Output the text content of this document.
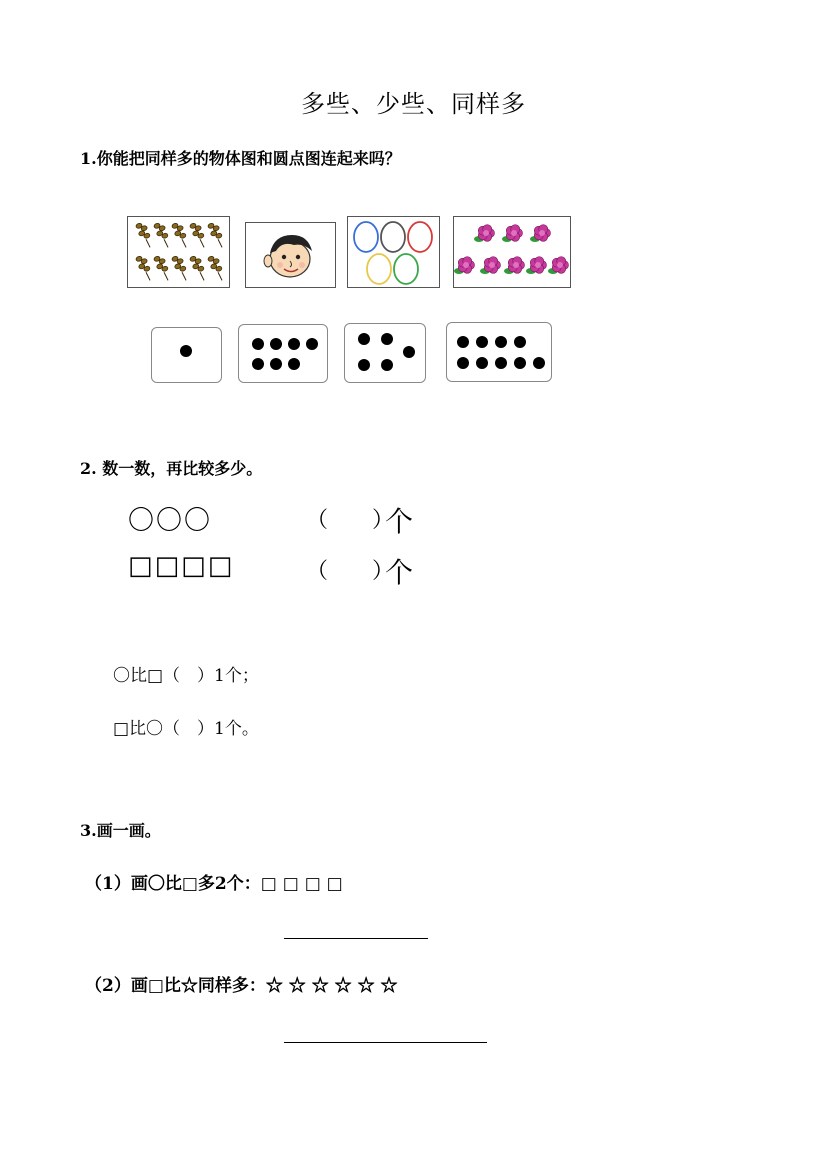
多些、少些、同样多
1.你能把同样多的物体图和圆点图连起来吗？
2. 数一数，再比较多少。
〇〇〇	（　　）
个
□□□□	（　　）
个
〇比□（　）1个；
□比〇（　）1个。
3.画一画。
（1）画〇比□多2个：□ □ □ □
（2）画□比☆同样多：☆ ☆ ☆ ☆ ☆ ☆
